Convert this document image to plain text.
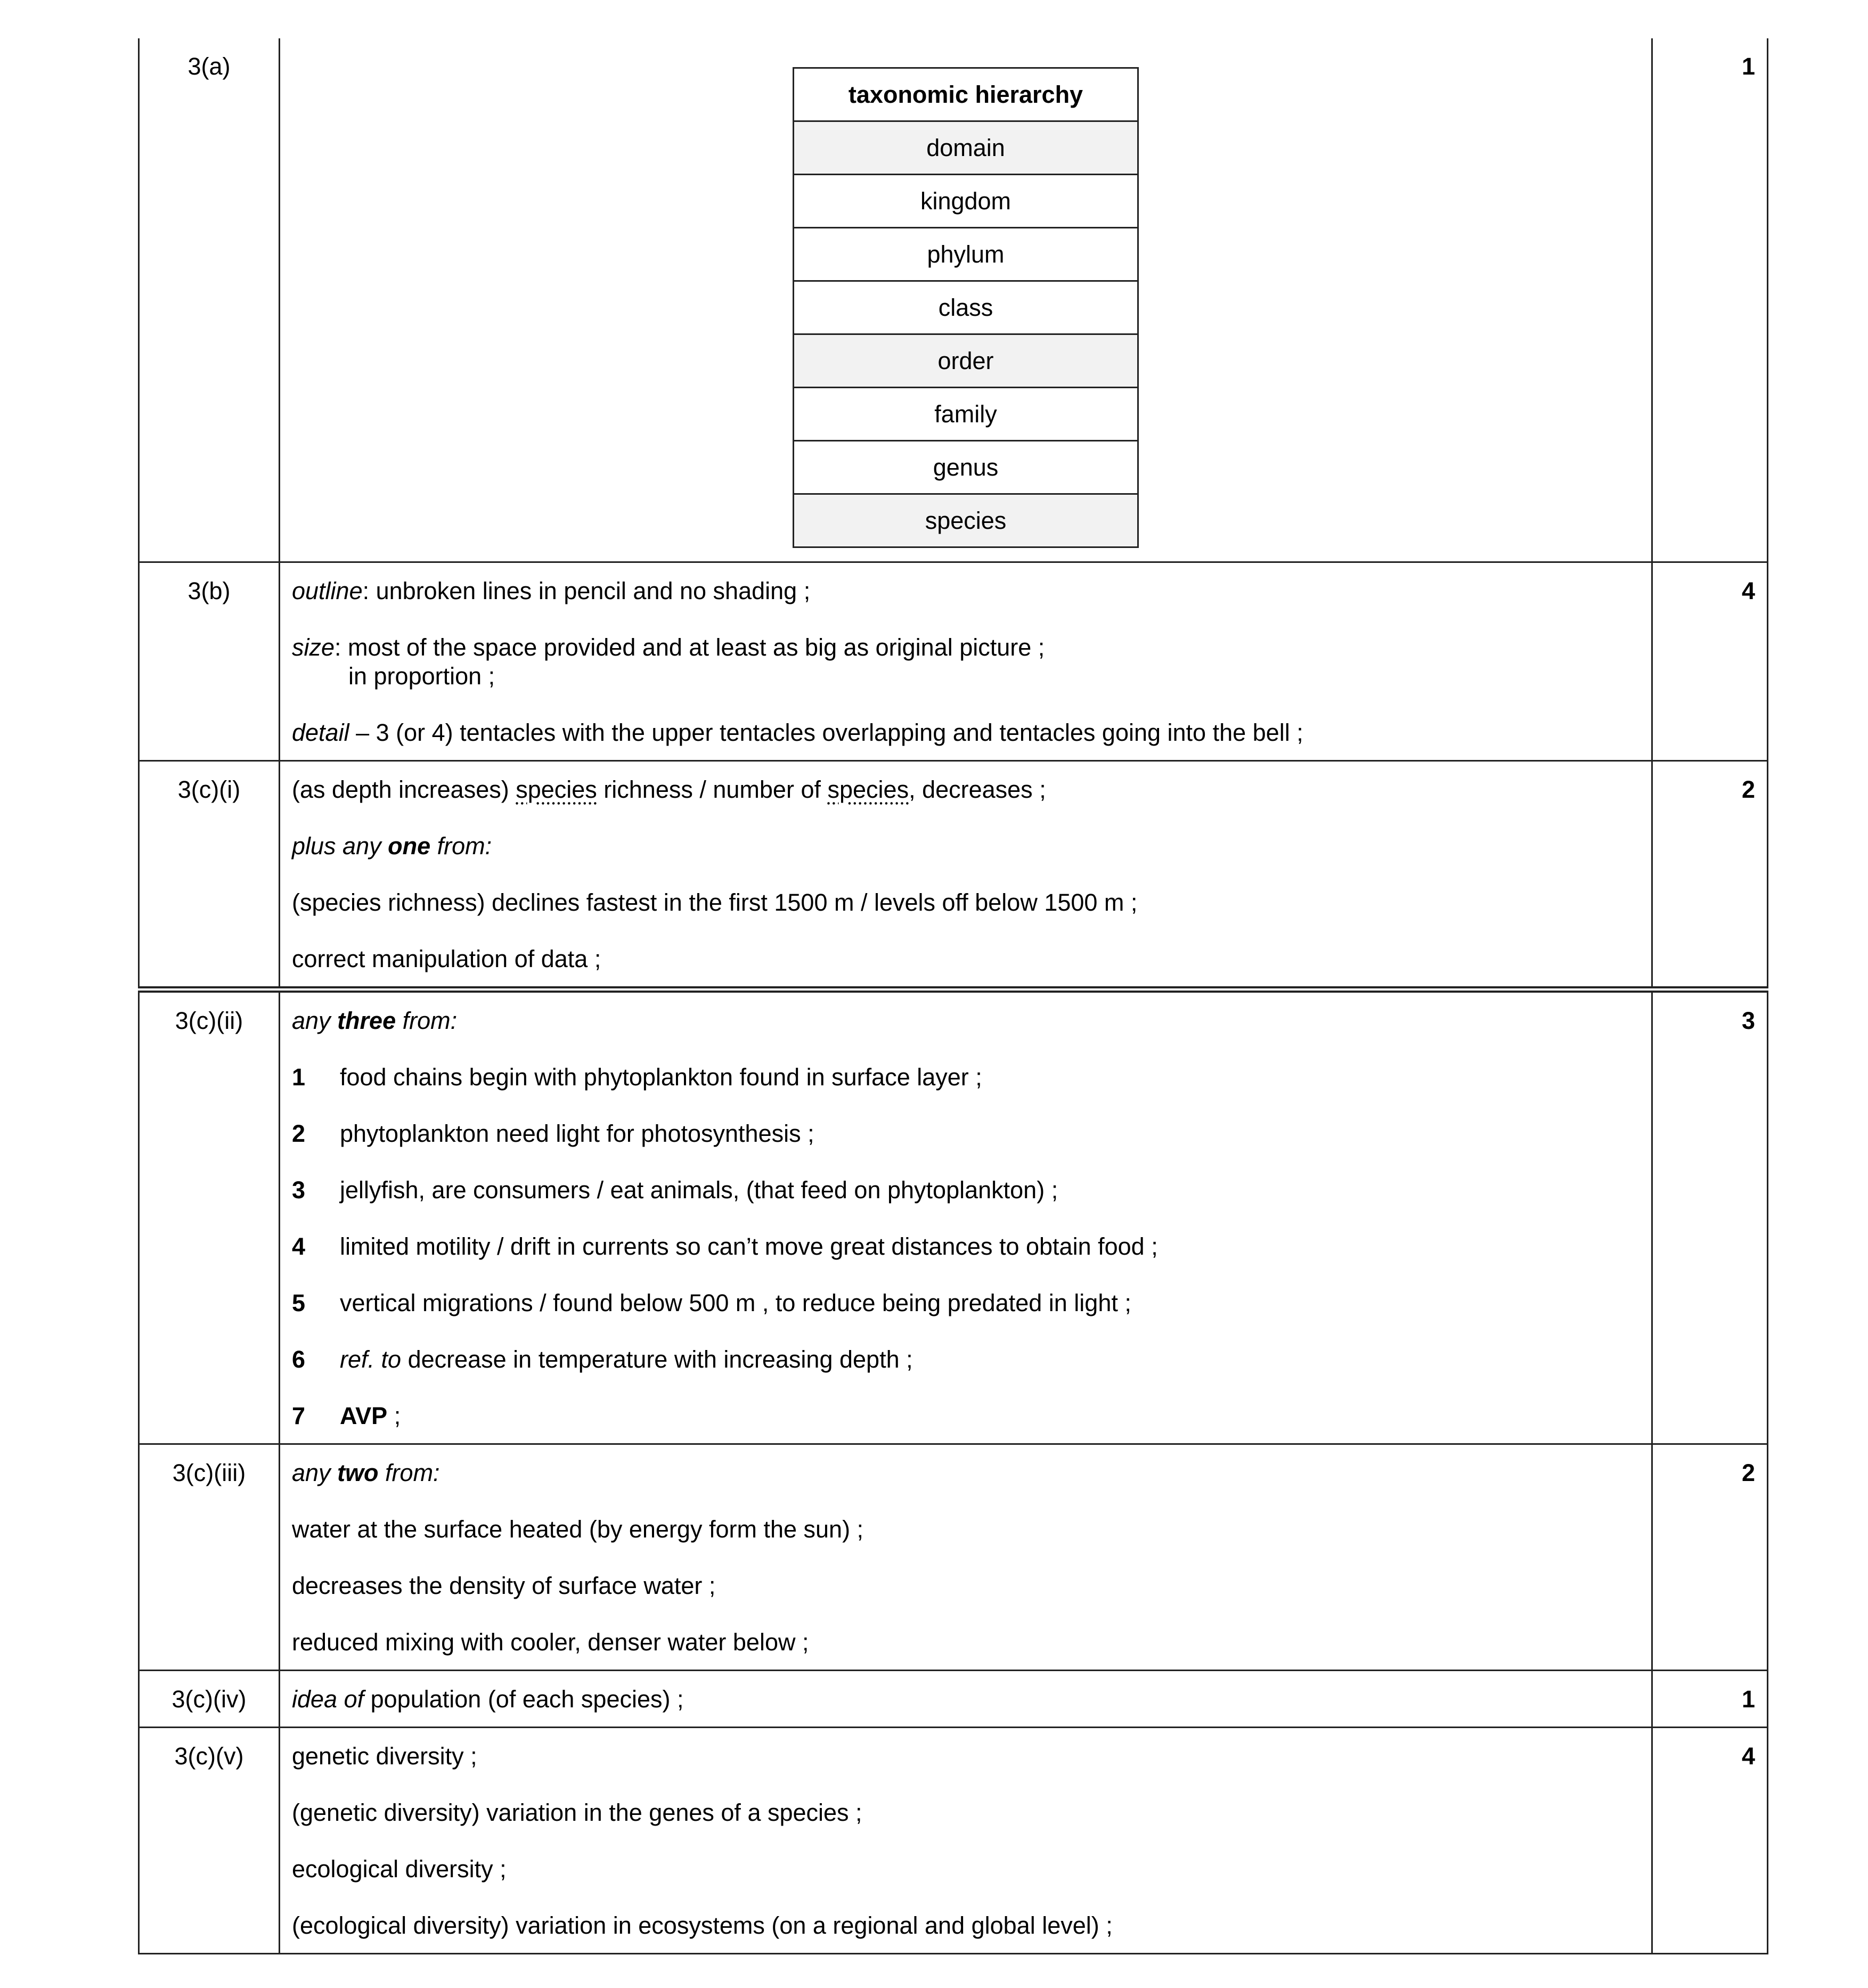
3(a)	
taxonomic hierarchy
domain
kingdom
phylum
class
order
family
genus
species
	1
3(b)	outline: unbroken lines in pencil and no shading ;

size: most of the space provided and at least as big as original picture ;
in proportion ;

detail – 3 (or 4) tentacles with the upper tentacles overlapping and tentacles going into the bell ;

	4
3(c)(i)	(as depth increases) species richness / number of species, decreases ;

plus any one from:

(species richness) declines fastest in the first 1500 m / levels off below 1500 m ;

correct manipulation of data ;

	2
3(c)(ii)	any three from:

1 food chains begin with phytoplankton found in surface layer ;

2 phytoplankton need light for photosynthesis ;

3 jellyfish, are consumers / eat animals, (that feed on phytoplankton) ;

4 limited motility / drift in currents so can’t move great distances to obtain food ;

5 vertical migrations / found below 500 m , to reduce being predated in light ;

6 ref. to decrease in temperature with increasing depth ;

7 AVP ;

	3
3(c)(iii)	any two from:

water at the surface heated (by energy form the sun) ;

decreases the density of surface water ;

reduced mixing with cooler, denser water below ;

	2
3(c)(iv)	idea of population (of each species) ;	1
3(c)(v)	genetic diversity ;

(genetic diversity) variation in the genes of a species ;

ecological diversity ;

(ecological diversity) variation in ecosystems (on a regional and global level) ;

	4
